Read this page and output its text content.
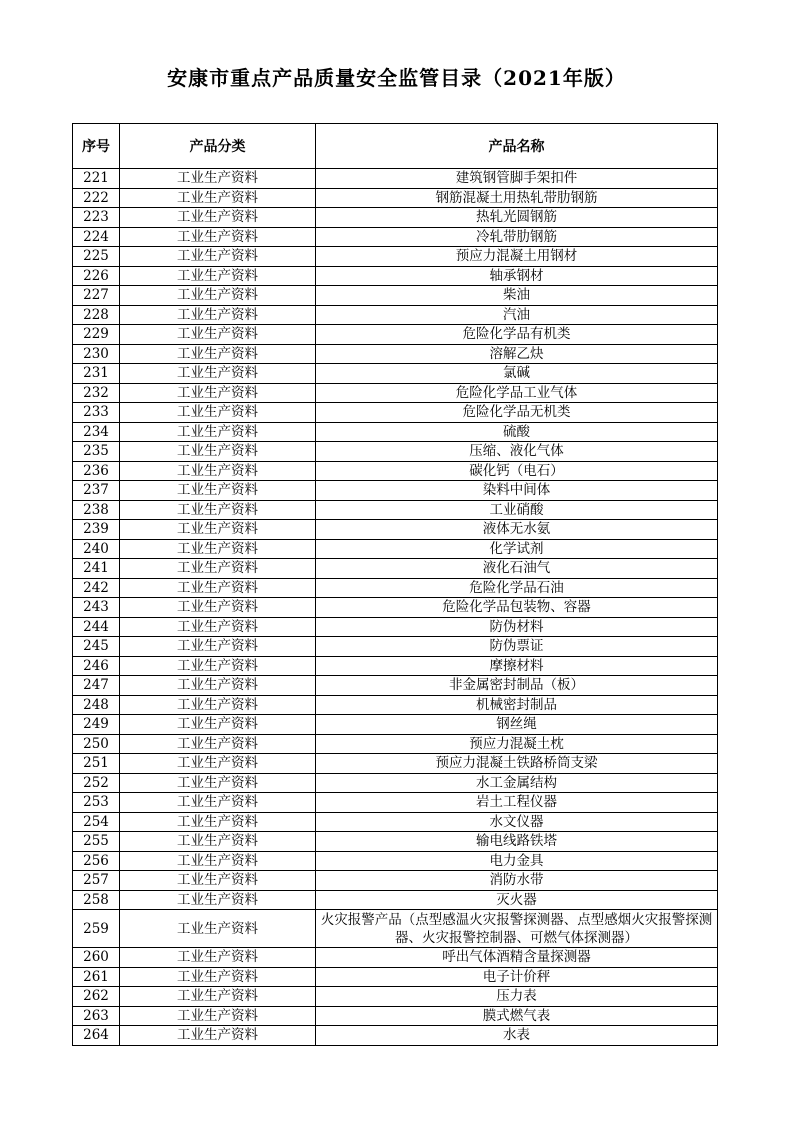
安康市重点产品质量安全监管目录（2021年版）
序号	产品分类	产品名称
221	工业生产资料	建筑钢管脚手架扣件
222	工业生产资料	钢筋混凝土用热轧带肋钢筋
223	工业生产资料	热轧光圆钢筋
224	工业生产资料	冷轧带肋钢筋
225	工业生产资料	预应力混凝土用钢材
226	工业生产资料	轴承钢材
227	工业生产资料	柴油
228	工业生产资料	汽油
229	工业生产资料	危险化学品有机类
230	工业生产资料	溶解乙炔
231	工业生产资料	氯碱
232	工业生产资料	危险化学品工业气体
233	工业生产资料	危险化学品无机类
234	工业生产资料	硫酸
235	工业生产资料	压缩、液化气体
236	工业生产资料	碳化钙（电石）
237	工业生产资料	染料中间体
238	工业生产资料	工业硝酸
239	工业生产资料	液体无水氨
240	工业生产资料	化学试剂
241	工业生产资料	液化石油气
242	工业生产资料	危险化学品石油
243	工业生产资料	危险化学品包装物、容器
244	工业生产资料	防伪材料
245	工业生产资料	防伪票证
246	工业生产资料	摩擦材料
247	工业生产资料	非金属密封制品（板）
248	工业生产资料	机械密封制品
249	工业生产资料	钢丝绳
250	工业生产资料	预应力混凝土枕
251	工业生产资料	预应力混凝土铁路桥筒支梁
252	工业生产资料	水工金属结构
253	工业生产资料	岩土工程仪器
254	工业生产资料	水文仪器
255	工业生产资料	输电线路铁塔
256	工业生产资料	电力金具
257	工业生产资料	消防水带
258	工业生产资料	灭火器
259	工业生产资料	火灾报警产品（点型感温火灾报警探测器、点型感烟火灾报警探测器、火灾报警控制器、可燃气体探测器）
260	工业生产资料	呼出气体酒精含量探测器
261	工业生产资料	电子计价秤
262	工业生产资料	压力表
263	工业生产资料	膜式燃气表
264	工业生产资料	水表
